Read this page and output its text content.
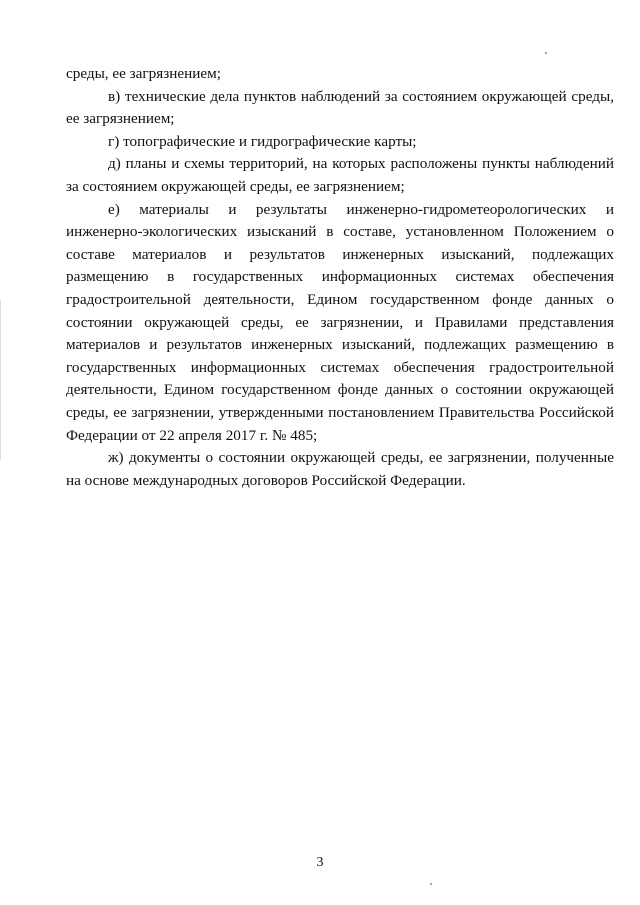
среды, ее загрязнением;

в) технические дела пунктов наблюдений за состоянием окружающей среды, ее загрязнением;

г) топографические и гидрографические карты;

д) планы и схемы территорий, на которых расположены пункты наблюдений за состоянием окружающей среды, ее загрязнением;

е) материалы и результаты инженерно-гидрометеорологических и инженерно-экологических изысканий в составе, установленном Положением о составе материалов и результатов инженерных изысканий, подлежащих размещению в государственных информационных системах обеспечения градостроительной деятельности, Едином государственном фонде данных о состоянии окружающей среды, ее загрязнении, и Правилами представления материалов и результатов инженерных изысканий, подлежащих размещению в государственных информационных системах обеспечения градостроительной деятельности, Едином государственном фонде данных о состоянии окружающей среды, ее загрязнении, утвержденными постановлением Правительства Российской Федерации от 22 апреля 2017 г. № 485;

ж) документы о состоянии окружающей среды, ее загрязнении, полученные на основе международных договоров Российской Федерации.

3
